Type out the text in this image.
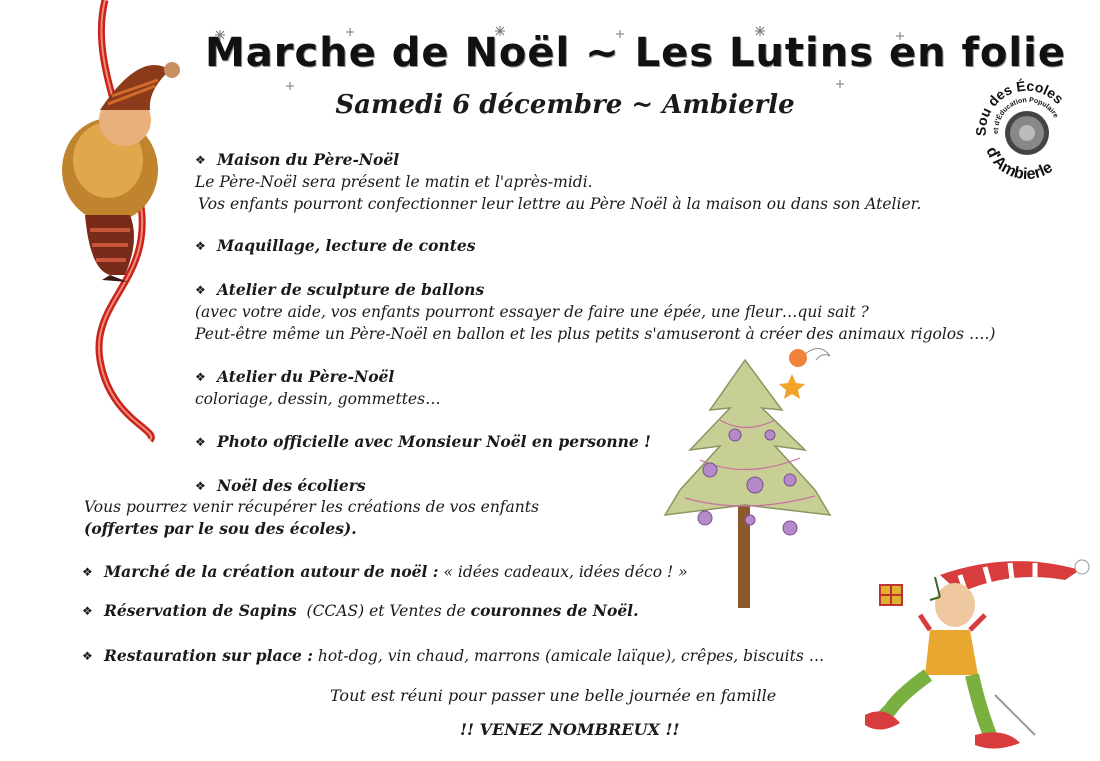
Marche de Noël ~ Les Lutins en folie
Samedi 6 décembre ~ Ambierle
Sou des Écoles
et d'Éducation Populaire
d'Ambierle
❖ Maison du Père-Noël
Le Père-Noël sera présent le matin et l'après-midi.
Vos enfants pourront confectionner leur lettre au Père Noël à la maison ou dans son Atelier.
❖ Maquillage, lecture de contes
❖ Atelier de sculpture de ballons
(avec votre aide, vos enfants pourront essayer de faire une épée, une fleur…qui sait ?
Peut-être même un Père-Noël en ballon et les plus petits s'amuseront à créer des animaux rigolos ….)
❖ Atelier du Père-Noël
coloriage, dessin, gommettes…
❖ Photo officielle avec Monsieur Noël en personne !
❖ Noël des écoliers
Vous pourrez venir récupérer les créations de vos enfants
(offertes par le sou des écoles).
❖ Marché de la création autour de noël : « idées cadeaux, idées déco ! »
❖ Réservation de Sapins (CCAS) et Ventes de couronnes de Noël.
❖ Restauration sur place : hot-dog, vin chaud, marrons (amicale laïque), crêpes, biscuits …
Tout est réuni pour passer une belle journée en famille
!! VENEZ NOMBREUX !!
